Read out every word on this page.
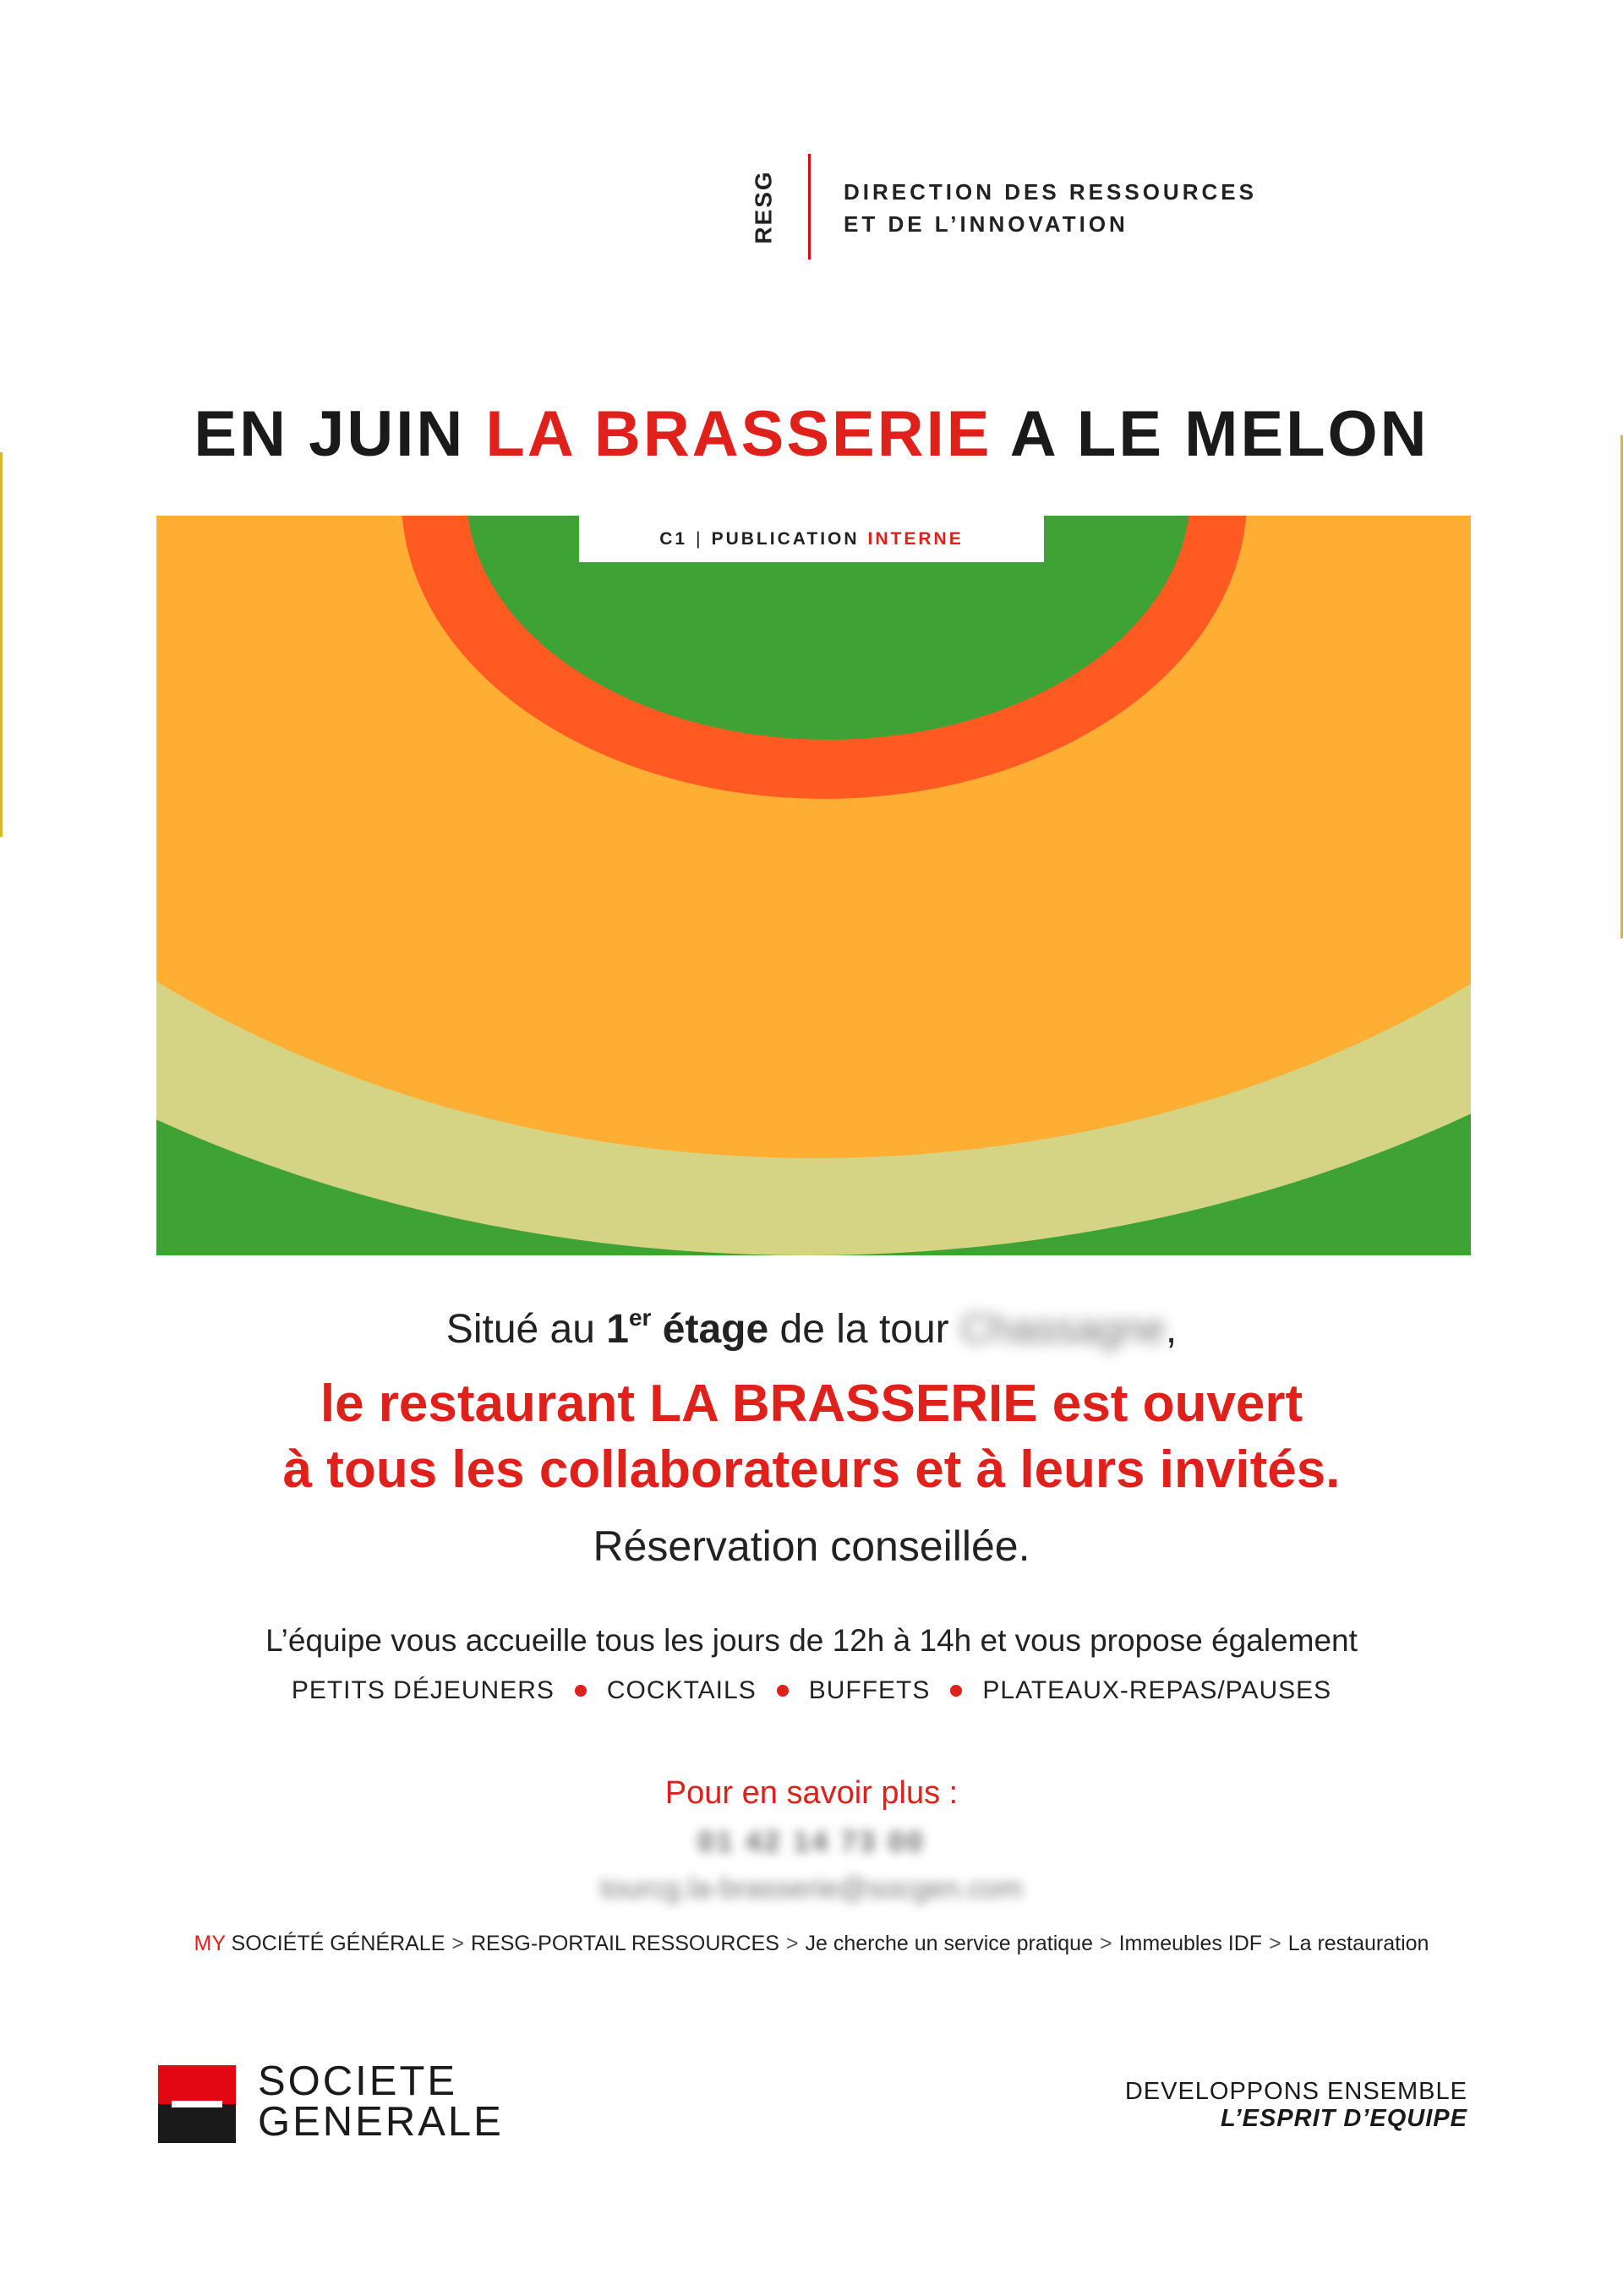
RESG	DIRECTION DES RESSOURCES
ET DE L’INNOVATION
EN JUIN LA BRASSERIE A LE MELON
C1 | PUBLICATION INTERNE
Situé au 1er étage de la tour Chassagne,
le restaurant LA BRASSERIE est ouvert
à tous les collaborateurs et à leurs invités.
Réservation conseillée.
L’équipe vous accueille tous les jours de 12h à 14h et vous propose également
PETITS DÉJEUNERS COCKTAILS BUFFETS PLATEAUX-REPAS/PAUSES
Pour en savoir plus :
01 42 14 73 00
tourcg.la-brasserie@socgen.com
MY SOCIÉTÉ GÉNÉRALE > RESG-PORTAIL RESSOURCES > Je cherche un service pratique > Immeubles IDF > La restauration
SOCIETE
GENERALE
DEVELOPPONS ENSEMBLE
L’ESPRIT D’EQUIPE
